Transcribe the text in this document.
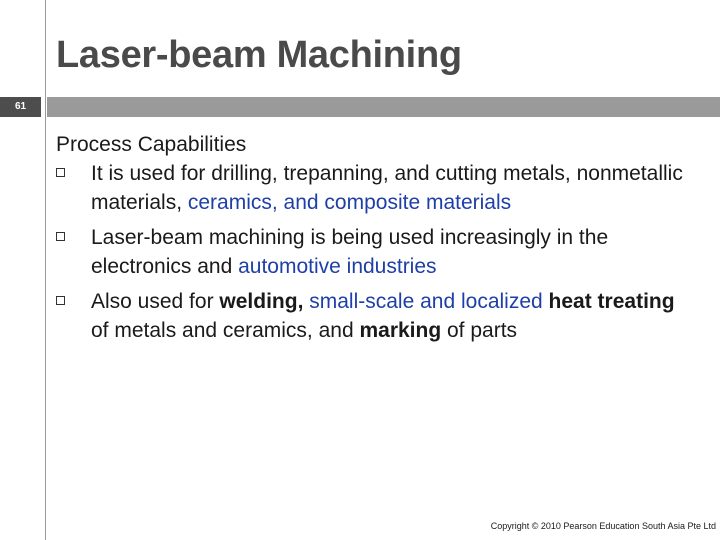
Laser-beam Machining
61

Process Capabilities

It is used for drilling, trepanning, and cutting metals, nonmetallic materials, ceramics, and composite materials
Laser-beam machining is being used increasingly in the electronics and automotive industries
Also used for welding, small-scale and localized heat treating of metals and ceramics, and marking of parts
Copyright © 2010 Pearson Education South Asia Pte Ltd
